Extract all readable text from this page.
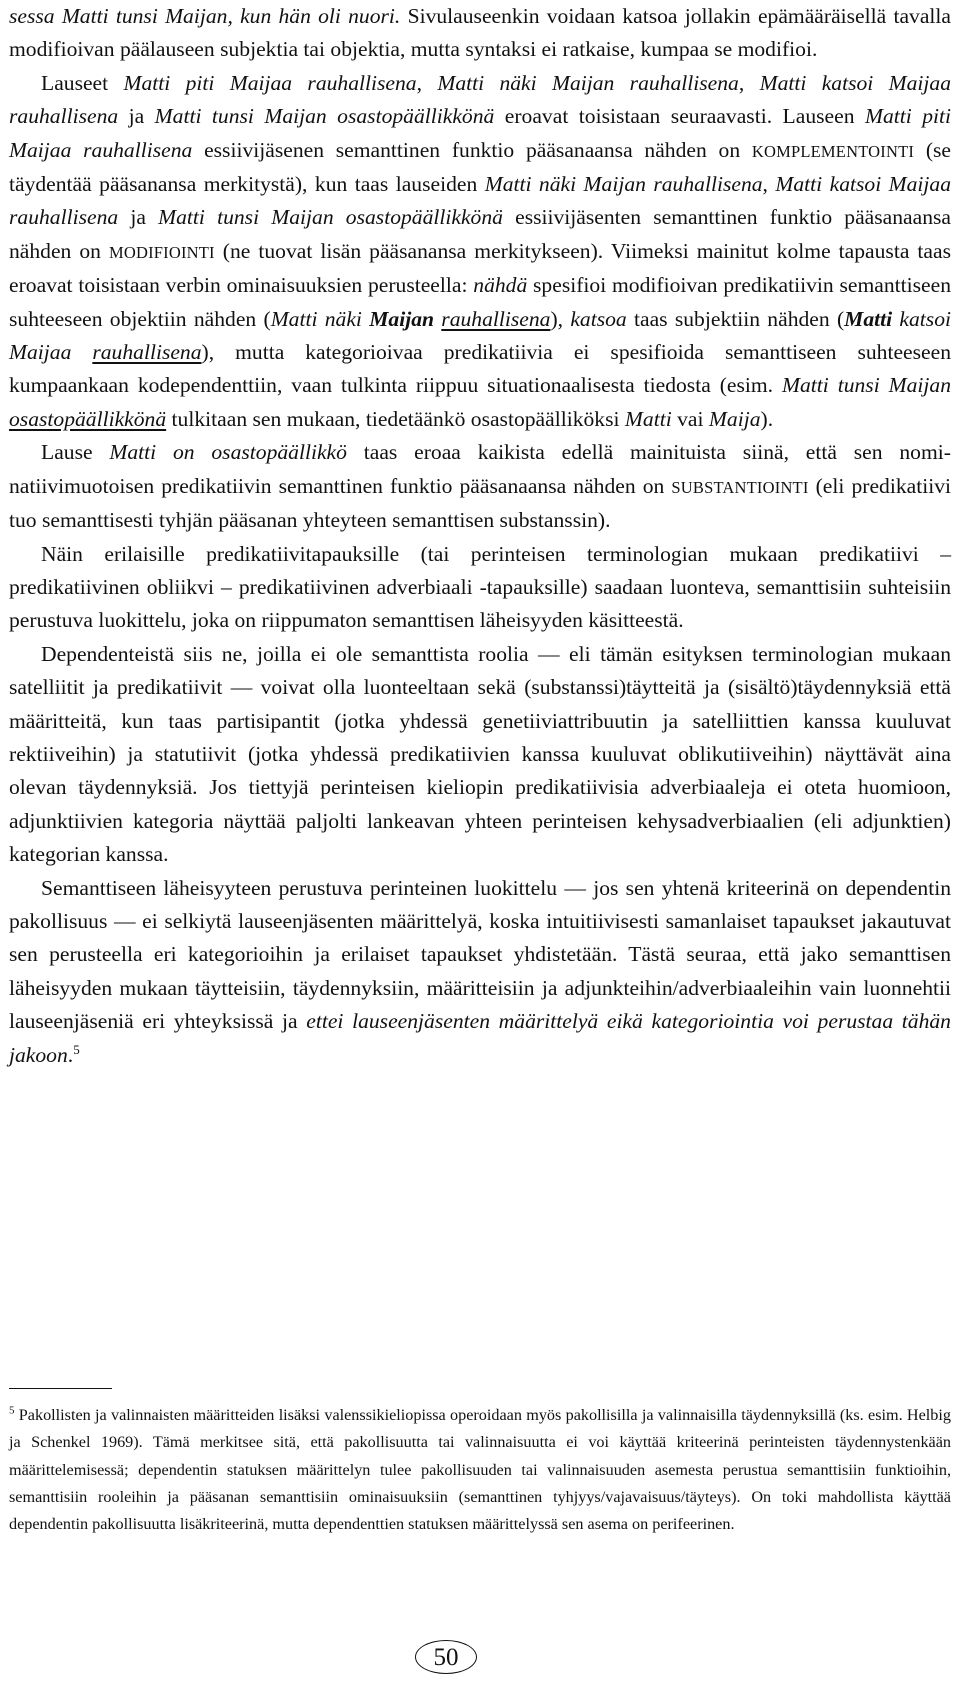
sessa Matti tunsi Maijan, kun hän oli nuori. Sivulauseenkin voidaan katsoa jollakin epämääräisellä tavalla modifioivan päälauseen subjektia tai objektia, mutta syntaksi ei ratkaise, kumpaa se modifioi.

Lauseet Matti piti Maijaa rauhallisena, Matti näki Maijan rauhallisena, Matti katsoi Maijaa rauhallisena ja Matti tunsi Maijan osastopäällikkönä eroavat toisistaan seuraavasti. Lauseen Matti piti Maijaa rauhallisena essiivijäsenen semanttinen funktio pääsanaansa nähden on KOMPLEMENTOINTI (se täydentää pääsanansa merkitystä), kun taas lauseiden Matti näki Maijan rauhallisena, Matti katsoi Maijaa rauhallisena ja Matti tunsi Maijan osastopäällikkönä essiivijäsenten semanttinen funktio pääsanaansa nähden on MODIFIOINTI (ne tuovat lisän pääsanansa merkitykseen). Viimeksi mainitut kolme tapausta taas eroavat toisistaan verbin ominaisuuksien perusteella: nähdä spesifioi modifioivan predikatiivin semanttiseen suhteeseen objektiin nähden (Matti näki Maijan rauhallisena), katsoa taas subjektiin nähden (Matti katsoi Maijaa rauhallisena), mutta kategorioivaa predikatiivia ei spesifioida semanttiseen suhteeseen kumpaankaan kodependenttiin, vaan tulkinta riippuu situationaalisesta tiedosta (esim. Matti tunsi Maijan osastopäällikkönä tulkitaan sen mukaan, tiedetäänkö osastopäälliköksi Matti vai Maija).

Lause Matti on osastopäällikkö taas eroaa kaikista edellä mainituista siinä, että sen nominatiivimuotoisen predikatiivin semanttinen funktio pääsanaansa nähden on SUBSTANTIOINTI (eli predikatiivi tuo semanttisesti tyhjän pääsanan yhteyteen semanttisen substanssin).

Näin erilaisille predikatiivitapauksille (tai perinteisen terminologian mukaan predikatiivi – predikatiivinen obliikvi – predikatiivinen adverbiaali -tapauksille) saadaan luonteva, semanttisiin suhteisiin perustuva luokittelu, joka on riippumaton semanttisen läheisyyden käsitteestä.

Dependenteistä siis ne, joilla ei ole semanttista roolia — eli tämän esityksen terminologian mukaan satelliitit ja predikatiivit — voivat olla luonteeltaan sekä (substanssi)täytteitä ja (sisältö)täydennyksiä että määritteitä, kun taas partisipantit (jotka yhdessä genetiiviattribuutin ja satelliittien kanssa kuuluvat rektiiveihin) ja statutiivit (jotka yhdessä predikatiivien kanssa kuuluvat oblikutiiveihin) näyttävät aina olevan täydennyksiä. Jos tiettyjä perinteisen kieliopin predikatiivisia adverbiaaleja ei oteta huomioon, adjunktiivien kategoria näyttää paljolti lankeavan yhteen perinteisen kehysadverbiaalien (eli adjunktien) kategorian kanssa.

Semanttiseen läheisyyteen perustuva perinteinen luokittelu — jos sen yhtenä kriteerinä on dependentin pakollisuus — ei selkiytä lauseenjäsenten määrittelyä, koska intuitiivisesti samanlaiset tapaukset jakautuvat sen perusteella eri kategorioihin ja erilaiset tapaukset yhdistetään. Tästä seuraa, että jako semanttisen läheisyyden mukaan täytteisiin, täydennyksiin, määritteisiin ja adjunkteihin/adverbiaaleihin vain luonnehtii lauseenjäseniä eri yhteyksissä ja ettei lauseenjäsenten määrittelyä eikä kategoriointia voi perustaa tähän jakoon.$^5$

$^5$ Pakollisten ja valinnaisten määritteiden lisäksi valenssikieliopissa operoidaan myös pakollisilla ja valinnaisilla täydennyksillä (ks. esim. Helbig ja Schenkel 1969). Tämä merkitsee sitä, että pakollisuutta tai valinnaisuutta ei voi käyttää kriteerinä perinteisten täydennystenkään määrittelemisessä; dependentin statuksen määrittelyn tulee pakollisuuden tai valinnaisuuden asemesta perustua semanttisiin funktioihin, semanttisiin rooleihin ja pääsanan semanttisiin ominaisuuksiin (semanttinen tyhjyys/vajavaisuus/täyteys). On toki mahdollista käyttää dependentin pakollisuutta lisäkriteerinä, mutta dependenttien statuksen määrittelyssä sen asema on perifeerinen.

50
